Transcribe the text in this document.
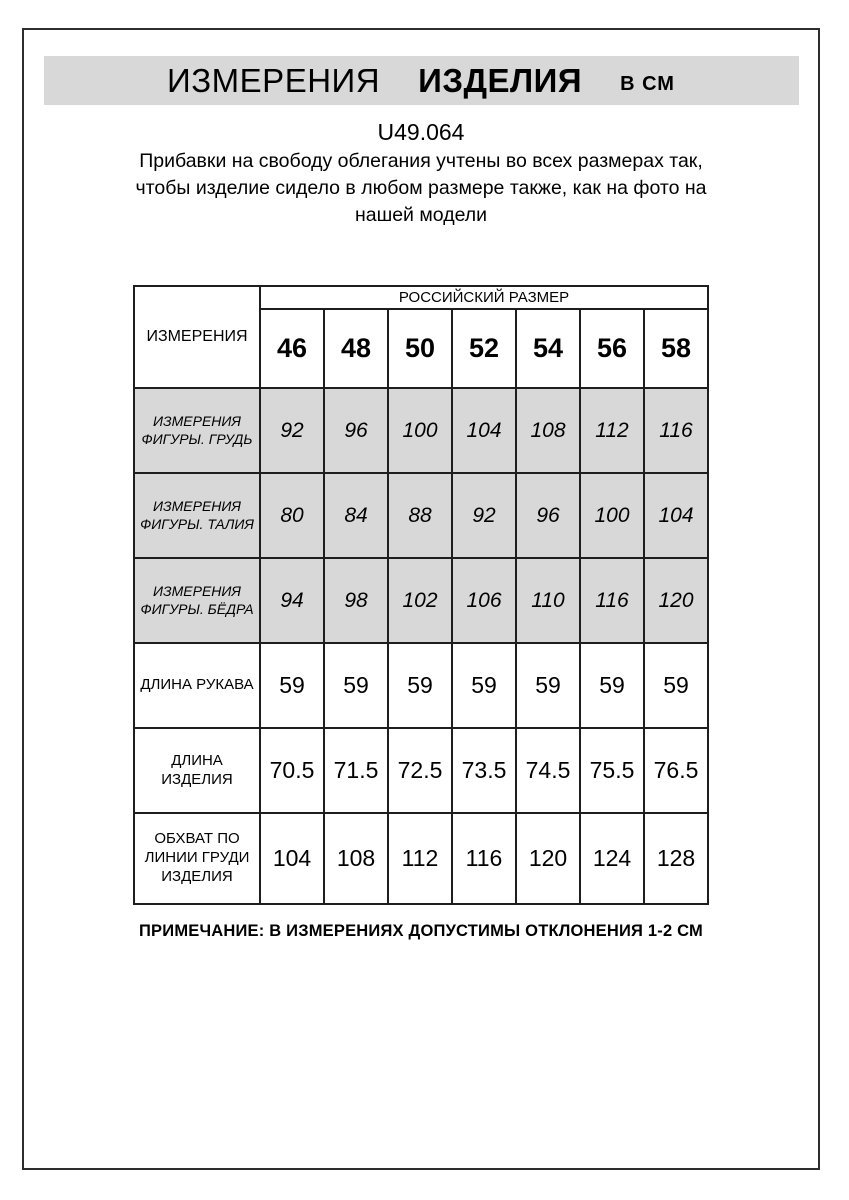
ИЗМЕРЕНИЯ ИЗДЕЛИЯ В СМ
U49.064
Прибавки на свободу облегания учтены во всех размерах так,
чтобы изделие сидело в любом размере также, как на фото на
нашей модели
ИЗМЕРЕНИЯ	РОССИЙСКИЙ РАЗМЕР						
	46	48	50	52	54	56	58
ИЗМЕРЕНИЯ ФИГУРЫ. ГРУДЬ	92	96	100	104	108	112	116
ИЗМЕРЕНИЯ ФИГУРЫ. ТАЛИЯ	80	84	88	92	96	100	104
ИЗМЕРЕНИЯ ФИГУРЫ. БЁДРА	94	98	102	106	110	116	120
ДЛИНА РУКАВА	59	59	59	59	59	59	59
ДЛИНА ИЗДЕЛИЯ	70.5	71.5	72.5	73.5	74.5	75.5	76.5
ОБХВАТ ПО ЛИНИИ ГРУДИ ИЗДЕЛИЯ	104	108	112	116	120	124	128
ПРИМЕЧАНИЕ: В ИЗМЕРЕНИЯХ ДОПУСТИМЫ ОТКЛОНЕНИЯ 1-2 СМ
